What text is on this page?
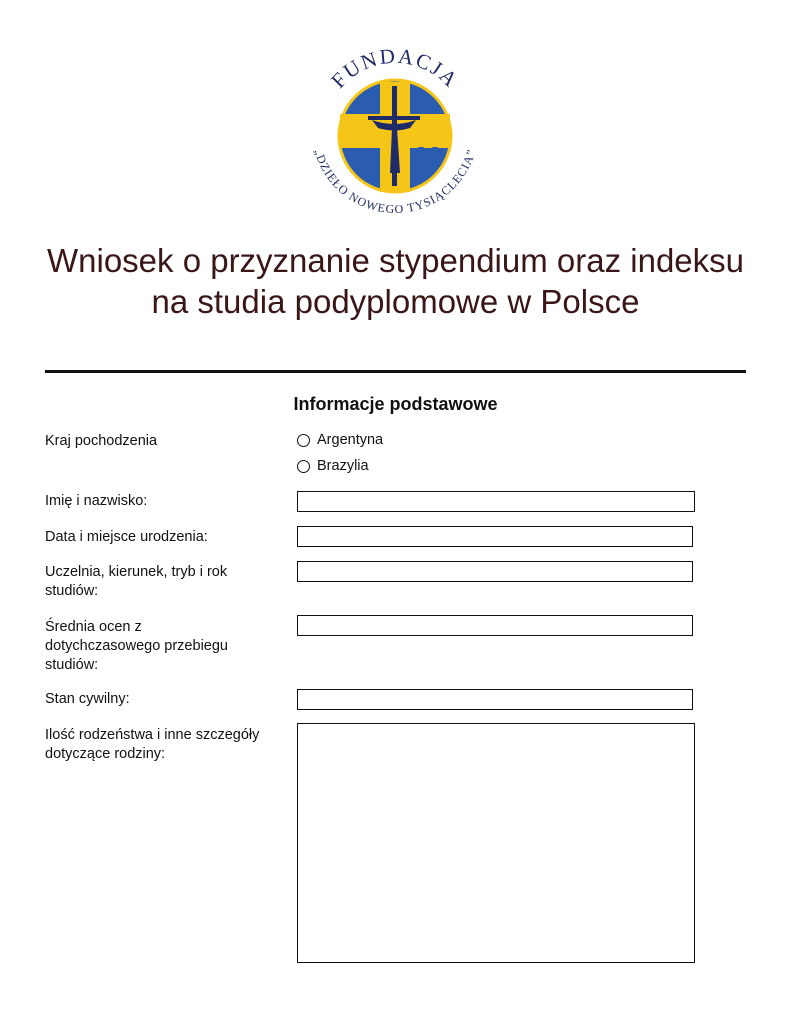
M
FUNDACJA
„DZIEŁO NOWEGO TYSIĄCLECIA”
Wniosek o przyznanie stypendium oraz indeksu
na studia podyplomowe w Polsce
Informacje podstawowe
Kraj pochodzenia	Argentyna
Brazylia
Imię i nazwisko:
Data i miejsce urodzenia:
Uczelnia, kierunek, tryb i rok
studiów:
Średnia ocen z
dotychczasowego przebiegu
studiów:
Stan cywilny:
Ilość rodzeństwa i inne szczegóły
dotyczące rodziny:
